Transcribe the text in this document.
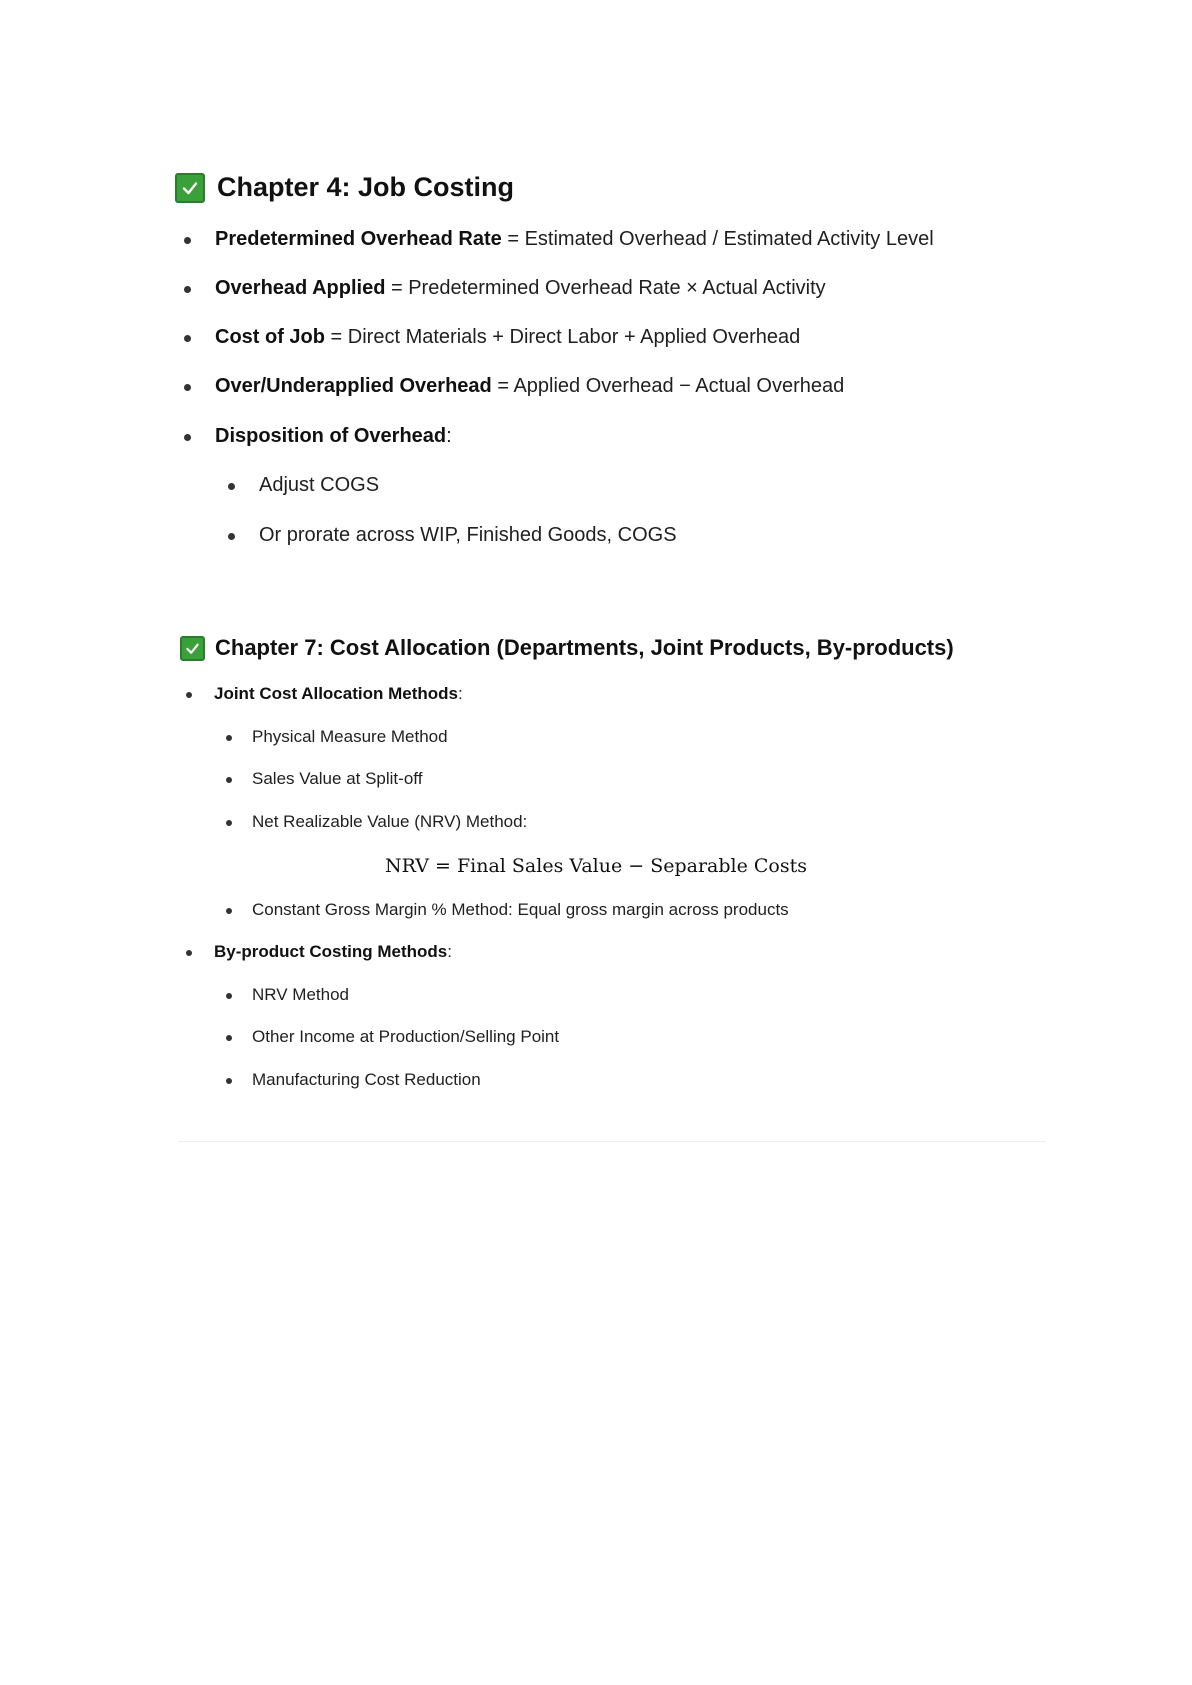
Chapter 4: Job Costing
Predetermined Overhead Rate = Estimated Overhead / Estimated Activity Level
Overhead Applied = Predetermined Overhead Rate × Actual Activity
Cost of Job = Direct Materials + Direct Labor + Applied Overhead
Over/Underapplied Overhead = Applied Overhead − Actual Overhead
Disposition of Overhead:
Adjust COGS
Or prorate across WIP, Finished Goods, COGS
Chapter 7: Cost Allocation (Departments, Joint Products, By-products)
Joint Cost Allocation Methods:
Physical Measure Method
Sales Value at Split-off
Net Realizable Value (NRV) Method:
NRV = Final Sales Value − Separable Costs
Constant Gross Margin % Method: Equal gross margin across products
By-product Costing Methods:
NRV Method
Other Income at Production/Selling Point
Manufacturing Cost Reduction
